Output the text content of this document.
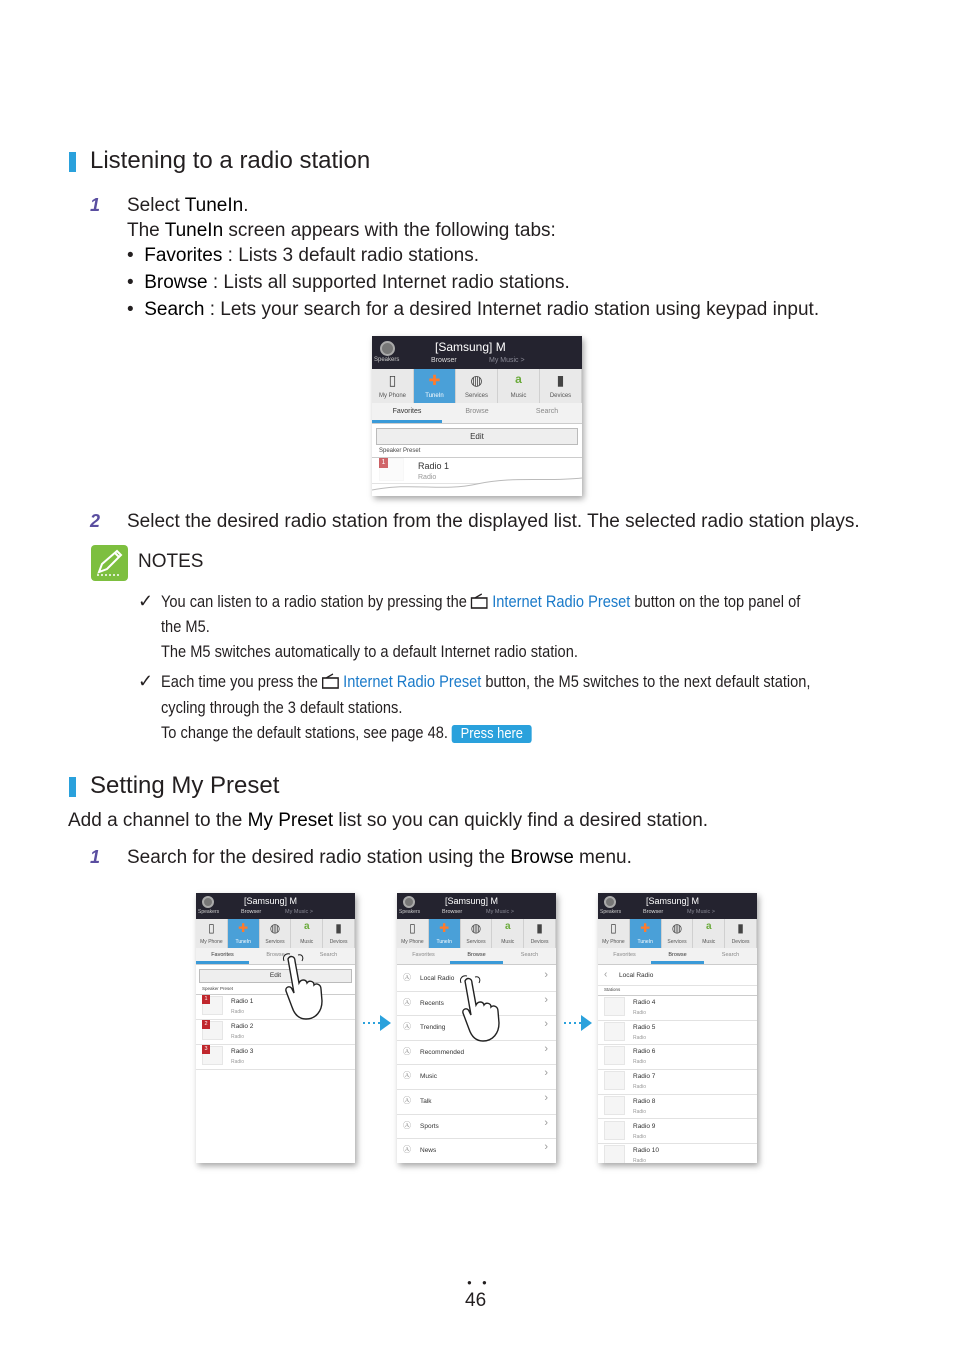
Listening to a radio station
1 Select TuneIn.
The TuneIn screen appears with the following tabs:
•  Favorites : Lists 3 default radio stations.
•  Browse : Lists all supported Internet radio stations.
•  Search : Lets your search for a desired Internet radio station using keypad input.
Speakers
[Samsung] M
Browser	My Music >
▯
My Phone
✚
TuneIn
◍
Services
a
Music
▮
Devices
Favorites	Browse	Search
Edit
Speaker Preset
1	Radio 1
Radio
2 Select the desired radio station from the displayed list. The selected radio station plays.
NOTES
✓ You can listen to a radio station by pressing the  Internet Radio Preset button on the top panel of
the M5.
The M5 switches automatically to a default Internet radio station.
✓ Each time you press the  Internet Radio Preset button, the M5 switches to the next default station,
cycling through the 3 default stations.
To change the default stations, see page 48. Press here
Setting My Preset
Add a channel to the My Preset list so you can quickly find a desired station.
1 Search for the desired radio station using the Browse menu.
Speakers
[Samsung] M
Browser	My Music >
▯
My Phone
✚
TuneIn
◍
Services
a
Music
▮
Devices
Favorites	Browse	Search
Edit
Speaker Preset
1	Radio 1
Radio
2	Radio 2
Radio
3	Radio 3
Radio
Speakers
[Samsung] M
Browser	My Music >
▯
My Phone
✚
TuneIn
◍
Services
a
Music
▮
Devices
Favorites	Browse	Search
Ⓐ Local Radio	›
Ⓐ Recents	›
Ⓐ Trending	›
Ⓐ Recommended	›
Ⓐ Music	›
Ⓐ Talk	›
Ⓐ Sports	›
Ⓐ News	›
Speakers
[Samsung] M
Browser	My Music >
▯
My Phone
✚
TuneIn
◍
Services
a
Music
▮
Devices
Favorites	Browse	Search
‹ Local Radio
Stations
Radio 4
Radio
Radio 5
Radio
Radio 6
Radio
Radio 7
Radio
Radio 8
Radio
Radio 9
Radio
Radio 10
Radio
● ●
46
